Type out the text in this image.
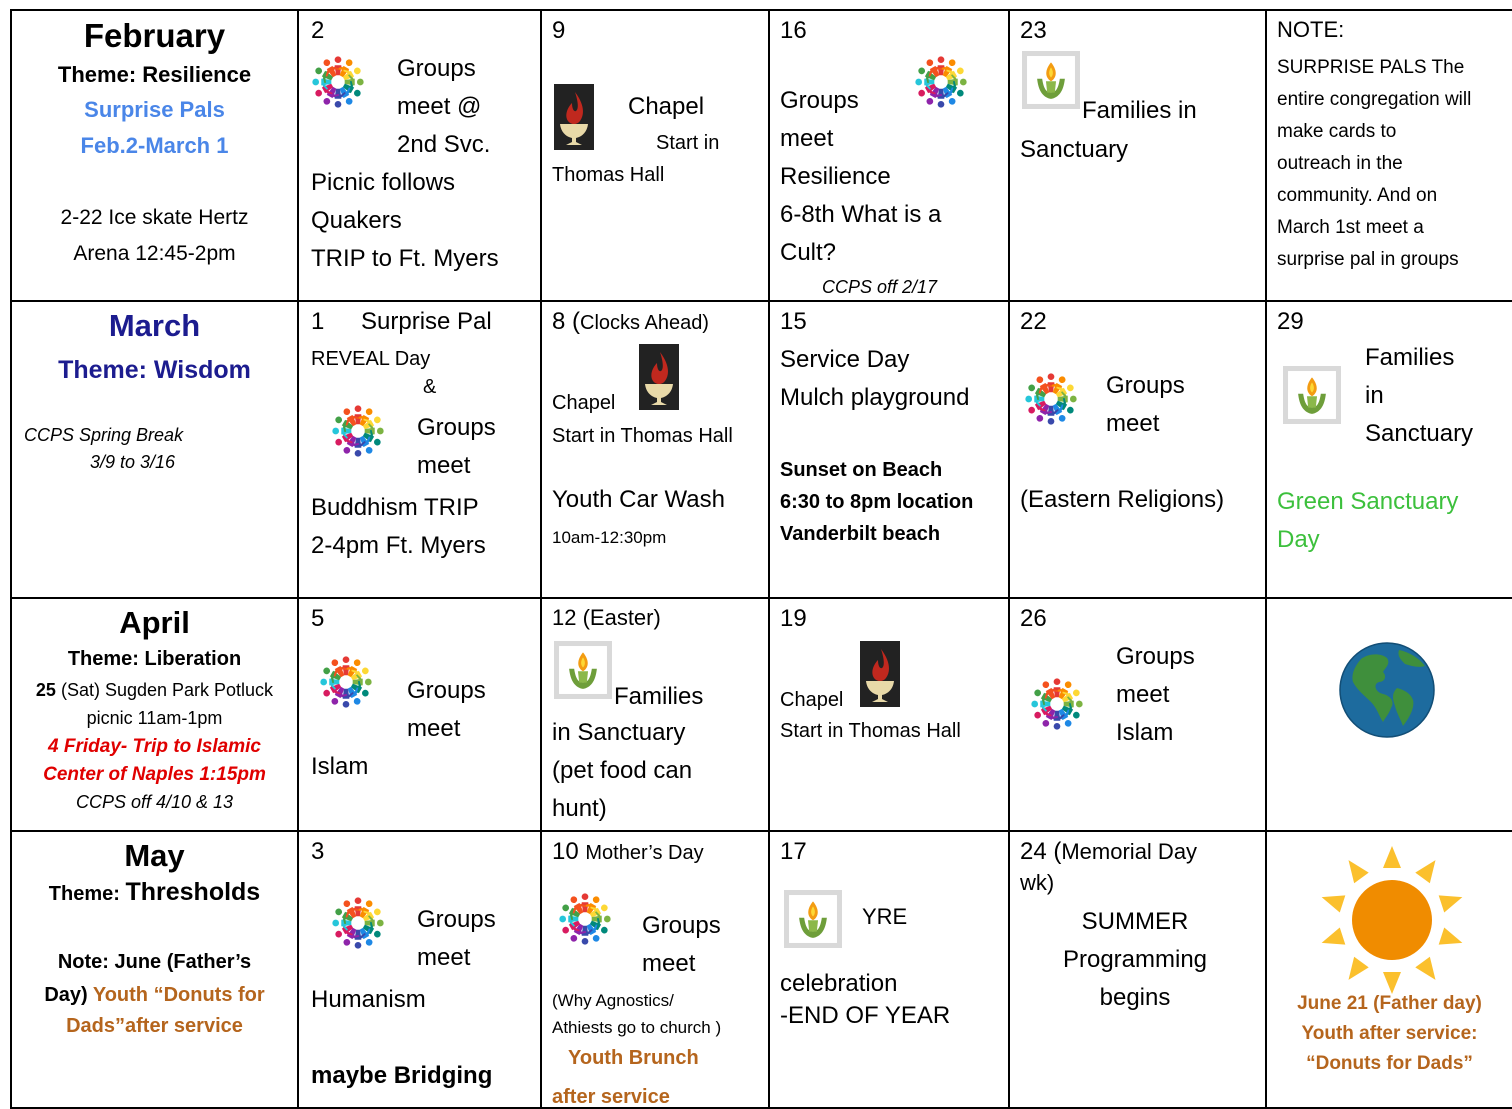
February
Theme: Resilience
Surprise Pals
Feb.2-March 1
2-22 Ice skate Hertz
Arena 12:45-2pm
2
Groups
meet @
2nd Svc.
Picnic follows
Quakers
TRIP to Ft. Myers
9
Chapel
Start in
Thomas Hall
16
Groups
meet
Resilience
6-8th What is a
Cult?
CCPS off 2/17
23
Families in
Sanctuary
NOTE:
SURPRISE PALS The
entire congregation will
make cards to
outreach in the
community. And on
March 1st meet a
surprise pal in groups
March
Theme: Wisdom
CCPS Spring Break
3/9 to 3/16
1 Surprise Pal
REVEAL Day
&
Groups
meet
Buddhism TRIP
2-4pm Ft. Myers
8 (Clocks Ahead)
Chapel
Start in Thomas Hall
Youth Car Wash
10am-12:30pm
15
Service Day
Mulch playground
Sunset on Beach
6:30 to 8pm location
Vanderbilt beach
22
Groups
meet
(Eastern Religions)
29
Families
in
Sanctuary
Green Sanctuary
Day
April
Theme: Liberation
25 (Sat) Sugden Park Potluck
picnic 11am-1pm
4 Friday- Trip to Islamic
Center of Naples 1:15pm
CCPS off 4/10 & 13
5
Groups
meet
Islam
12 (Easter)
Families
in Sanctuary
(pet food can
hunt)
19
Chapel
Start in Thomas Hall
26
Groups
meet
Islam
May
Theme: Thresholds
Note: June (Father’s
Day) Youth “Donuts for
Dads”after service
3
Groups
meet
Humanism
maybe Bridging
10 Mother’s Day
Groups
meet
(Why Agnostics/
Athiests go to church )
Youth Brunch
after service
17
YRE
celebration
-END OF YEAR
24 (Memorial Day
wk)
SUMMER
Programming
begins	June 21 (Father day)
Youth after service:
“Donuts for Dads”
